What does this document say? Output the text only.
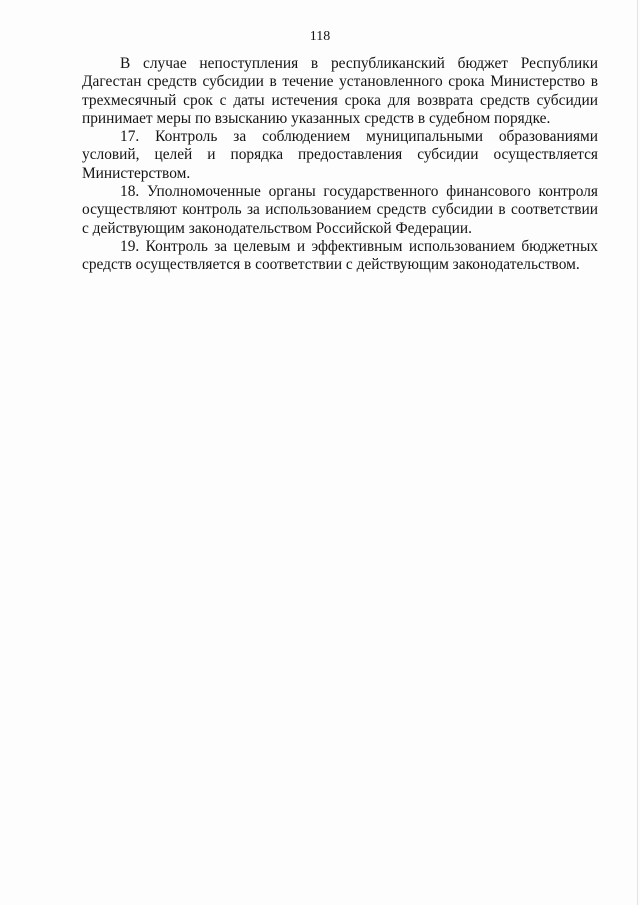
118

В случае непоступления в республиканский бюджет Республики Дагестан средств субсидии в течение установленного срока Министерство в трехмесячный срок с даты истечения срока для возврата средств субсидии принимает меры по взысканию указанных средств в судебном порядке.

17. Контроль за соблюдением муниципальными образованиями условий, целей и порядка предоставления субсидии осуществляется Министерством.

18. Уполномоченные органы государственного финансового контроля осуществляют контроль за использованием средств субсидии в соответствии с действующим законодательством Российской Федерации.

19. Контроль за целевым и эффективным использованием бюджетных средств осуществляется в соответствии с действующим законодательством.
